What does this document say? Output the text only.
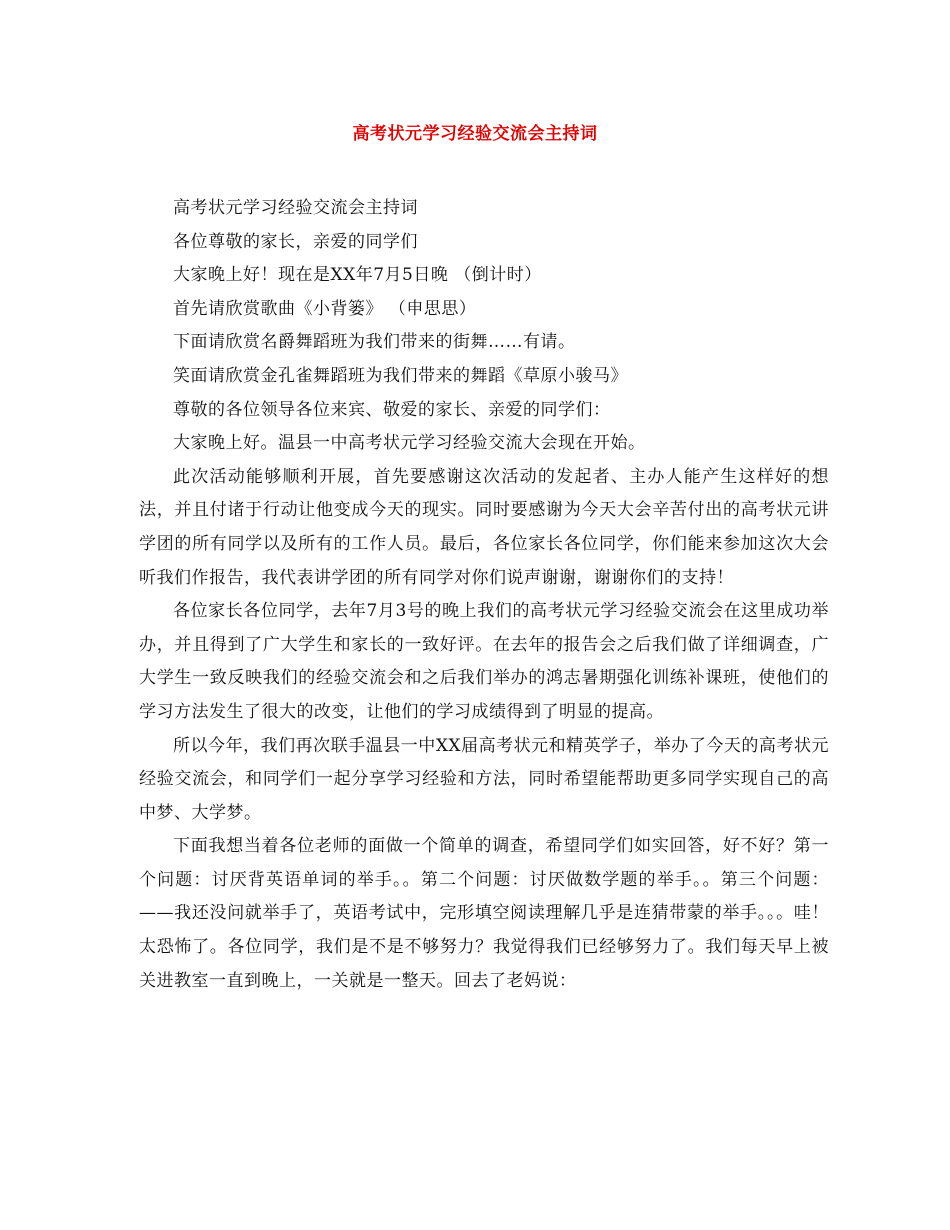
高考状元学习经验交流会主持词

高考状元学习经验交流会主持词

各位尊敬的家长，亲爱的同学们

大家晚上好！现在是XX年7月5日晚 （倒计时）

首先请欣赏歌曲《小背篓》 （申思思）

下面请欣赏名爵舞蹈班为我们带来的街舞……有请。

笑面请欣赏金孔雀舞蹈班为我们带来的舞蹈《草原小骏马》

尊敬的各位领导各位来宾、敬爱的家长、亲爱的同学们：

大家晚上好。温县一中高考状元学习经验交流大会现在开始。

此次活动能够顺利开展，首先要感谢这次活动的发起者、主办人能产生这样好的想法，并且付诸于行动让他变成今天的现实。同时要感谢为今天大会辛苦付出的高考状元讲学团的所有同学以及所有的工作人员。最后，各位家长各位同学，你们能来参加这次大会听我们作报告，我代表讲学团的所有同学对你们说声谢谢，谢谢你们的支持！

各位家长各位同学，去年7月3号的晚上我们的高考状元学习经验交流会在这里成功举办，并且得到了广大学生和家长的一致好评。在去年的报告会之后我们做了详细调查，广大学生一致反映我们的经验交流会和之后我们举办的鸿志暑期强化训练补课班，使他们的学习方法发生了很大的改变，让他们的学习成绩得到了明显的提高。

所以今年，我们再次联手温县一中XX届高考状元和精英学子，举办了今天的高考状元经验交流会，和同学们一起分享学习经验和方法，同时希望能帮助更多同学实现自己的高中梦、大学梦。

下面我想当着各位老师的面做一个简单的调查，希望同学们如实回答，好不好？第一个问题：讨厌背英语单词的举手。。第二个问题：讨厌做数学题的举手。。第三个问题：——我还没问就举手了，英语考试中，完形填空阅读理解几乎是连猜带蒙的举手。。。哇！太恐怖了。各位同学，我们是不是不够努力？我觉得我们已经够努力了。我们每天早上被关进教室一直到晚上，一关就是一整天。回去了老妈说：
